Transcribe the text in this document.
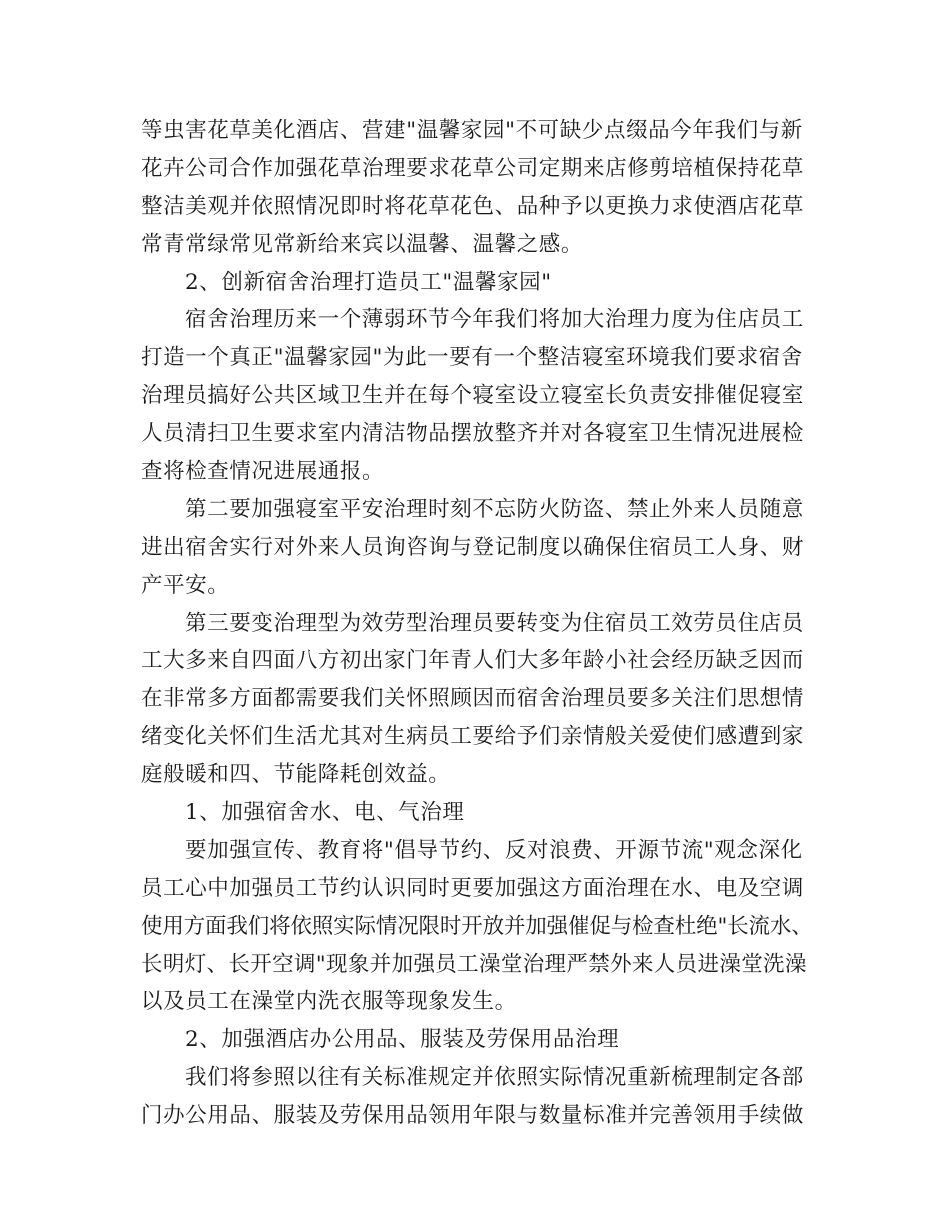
等虫害花草美化酒店、营建"温馨家园"不可缺少点缀品今年我们与新
花卉公司合作加强花草治理要求花草公司定期来店修剪培植保持花草
整洁美观并依照情况即时将花草花色、品种予以更换力求使酒店花草
常青常绿常见常新给来宾以温馨、温馨之感。
2、创新宿舍治理打造员工"温馨家园"
宿舍治理历来一个薄弱环节今年我们将加大治理力度为住店员工
打造一个真正"温馨家园"为此一要有一个整洁寝室环境我们要求宿舍
治理员搞好公共区域卫生并在每个寝室设立寝室长负责安排催促寝室
人员清扫卫生要求室内清洁物品摆放整齐并对各寝室卫生情况进展检
查将检查情况进展通报。
第二要加强寝室平安治理时刻不忘防火防盗、禁止外来人员随意
进出宿舍实行对外来人员询咨询与登记制度以确保住宿员工人身、财
产平安。
第三要变治理型为效劳型治理员要转变为住宿员工效劳员住店员
工大多来自四面八方初出家门年青人们大多年龄小社会经历缺乏因而
在非常多方面都需要我们关怀照顾因而宿舍治理员要多关注们思想情
绪变化关怀们生活尤其对生病员工要给予们亲情般关爱使们感遭到家
庭般暖和四、节能降耗创效益。
1、加强宿舍水、电、气治理
要加强宣传、教育将"倡导节约、反对浪费、开源节流"观念深化
员工心中加强员工节约认识同时更要加强这方面治理在水、电及空调
使用方面我们将依照实际情况限时开放并加强催促与检查杜绝"长流水、
长明灯、长开空调"现象并加强员工澡堂治理严禁外来人员进澡堂洗澡
以及员工在澡堂内洗衣服等现象发生。
2、加强酒店办公用品、服装及劳保用品治理
我们将参照以往有关标准规定并依照实际情况重新梳理制定各部
门办公用品、服装及劳保用品领用年限与数量标准并完善领用手续做
